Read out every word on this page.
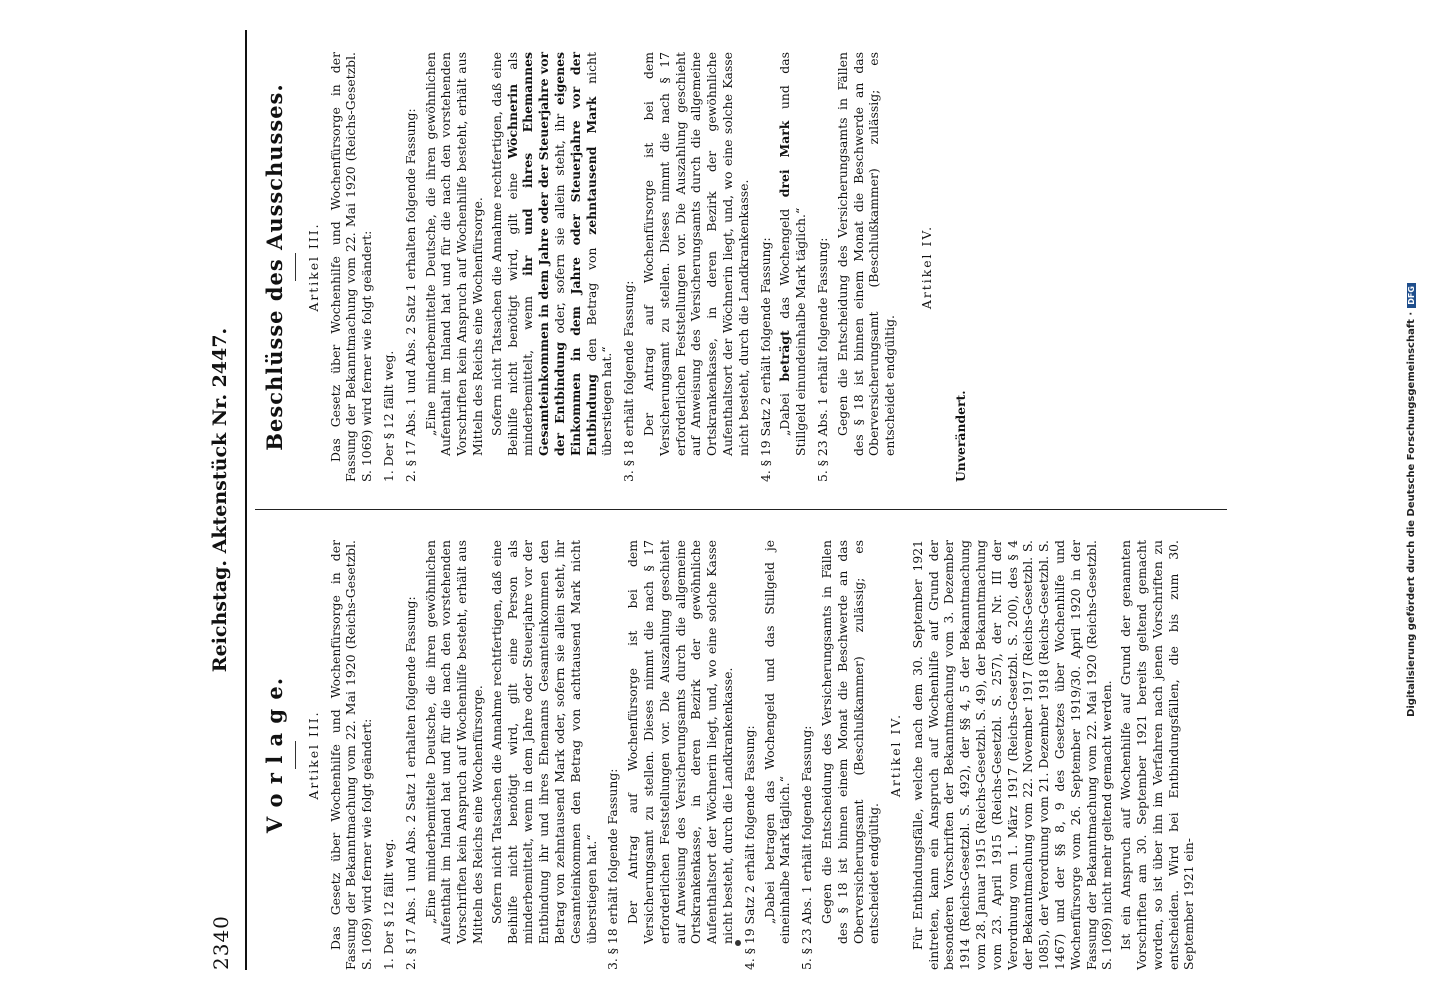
2340
Reichstag. Aktenstück Nr. 2447.
V o r l a g e. Artikel III. Das Gesetz über Wochenhilfe und Wochenfürsorge in der Fassung der Bekanntmachung vom 22. Mai 1920 (Reichs-Gesetzbl. S. 1069) wird ferner wie folgt geändert: 1. Der § 12 fällt weg. 2. § 17 Abs. 1 und Abs. 2 Satz 1 erhalten folgende Fassung: „Eine minderbemittelte Deutsche, die ihren gewöhnlichen Aufenthalt im Inland hat und für die nach den vorstehenden Vorschriften kein Anspruch auf Wochenhilfe besteht, erhält aus Mitteln des Reichs eine Wochenfürsorge. Sofern nicht Tatsachen die Annahme rechtfertigen, daß eine Beihilfe nicht benötigt wird, gilt eine Person als minderbemittelt, wenn in dem Jahre oder Steuerjahre vor der Entbindung ihr und ihres Ehemanns Gesamteinkommen den Betrag von zehntausend Mark oder, sofern sie allein steht, ihr Gesamteinkommen den Betrag von achttausend Mark nicht überstiegen hat.“ 3. § 18 erhält folgende Fassung: Der Antrag auf Wochenfürsorge ist bei dem Versicherungsamt zu stellen. Dieses nimmt die nach § 17 erforderlichen Feststellungen vor. Die Auszahlung geschieht auf Anweisung des Versicherungsamts durch die allgemeine Ortskrankenkasse, in deren Bezirk der gewöhnliche Aufenthaltsort der Wöchnerin liegt, und, wo eine solche Kasse nicht besteht, durch die Landkrankenkasse. 4. § 19 Satz 2 erhält folgende Fassung: „Dabei betragen das Wochengeld und das Stillgeld je eineinhalbe Mark täglich.“ 5. § 23 Abs. 1 erhält folgende Fassung: Gegen die Entscheidung des Versicherungsamts in Fällen des § 18 ist binnen einem Monat die Beschwerde an das Oberversicherungsamt (Beschlußkammer) zulässig; es entscheidet endgültig.

Artikel IV. Für Entbindungsfälle, welche nach dem 30. September 1921 eintreten, kann ein Anspruch auf Wochenhilfe auf Grund der besonderen Vorschriften der Bekanntmachung vom 3. Dezember 1914 (Reichs-Gesetzbl. S. 492), der §§ 4, 5 der Bekanntmachung vom 28. Januar 1915 (Reichs-Gesetzbl. S. 49), der Bekanntmachung vom 23. April 1915 (Reichs-Gesetzbl. S. 257), der Nr. III der Verordnung vom 1. März 1917 (Reichs-Gesetzbl. S. 200), des § 4 der Bekanntmachung vom 22. November 1917 (Reichs-Gesetzbl. S. 1085), der Verordnung vom 21. Dezember 1918 (Reichs-Gesetzbl. S. 1467) und der §§ 8, 9 des Gesetzes über Wochenhilfe und Wochenfürsorge vom 26. September 1919/30. April 1920 in der Fassung der Bekanntmachung vom 22. Mai 1920 (Reichs-Gesetzbl. S. 1069) nicht mehr geltend gemacht werden. Ist ein Anspruch auf Wochenhilfe auf Grund der genannten Vorschriften am 30. September 1921 bereits geltend gemacht worden, so ist über ihn im Verfahren nach jenen Vorschriften zu entscheiden. Wird bei Entbindungsfällen, die bis zum 30. September 1921 ein-

Beschlüsse des Ausschusses. Artikel III. Das Gesetz über Wochenhilfe und Wochenfürsorge in der Fassung der Bekanntmachung vom 22. Mai 1920 (Reichs-Gesetzbl. S. 1069) wird ferner wie folgt geändert: 1. Der § 12 fällt weg. 2. § 17 Abs. 1 und Abs. 2 Satz 1 erhalten folgende Fassung: „Eine minderbemittelte Deutsche, die ihren gewöhnlichen Aufenthalt im Inland hat und für die nach den vorstehenden Vorschriften kein Anspruch auf Wochenhilfe besteht, erhält aus Mitteln des Reichs eine Wochenfürsorge. Sofern nicht Tatsachen die Annahme rechtfertigen, daß eine Beihilfe nicht benötigt wird, gilt eine Wöchnerin als minderbemittelt, wenn ihr und ihres Ehemannes Gesamteinkommen in dem Jahre oder der Steuerjahre vor der Entbindung oder, sofern sie allein steht, ihr eigenes Einkommen in dem Jahre oder Steuerjahre vor der Entbindung den Betrag von zehntausend Mark nicht überstiegen hat.“ 3. § 18 erhält folgende Fassung: Der Antrag auf Wochenfürsorge ist bei dem Versicherungsamt zu stellen. Dieses nimmt die nach § 17 erforderlichen Feststellungen vor. Die Auszahlung geschieht auf Anweisung des Versicherungsamts durch die allgemeine Ortskrankenkasse, in deren Bezirk der gewöhnliche Aufenthaltsort der Wöchnerin liegt, und, wo eine solche Kasse nicht besteht, durch die Landkrankenkasse. 4. § 19 Satz 2 erhält folgende Fassung: „Dabei beträgt das Wochengeld drei Mark und das Stillgeld einundeinhalbe Mark täglich.“ 5. § 23 Abs. 1 erhält folgende Fassung: Gegen die Entscheidung des Versicherungsamts in Fällen des § 18 ist binnen einem Monat die Beschwerde an das Oberversicherungsamt (Beschlußkammer) zulässig; es entscheidet endgültig.

Artikel IV.

Unverändert.	Digitalisierung gefördert durch die Deutsche Forschungsgemeinschaft ·DFG
